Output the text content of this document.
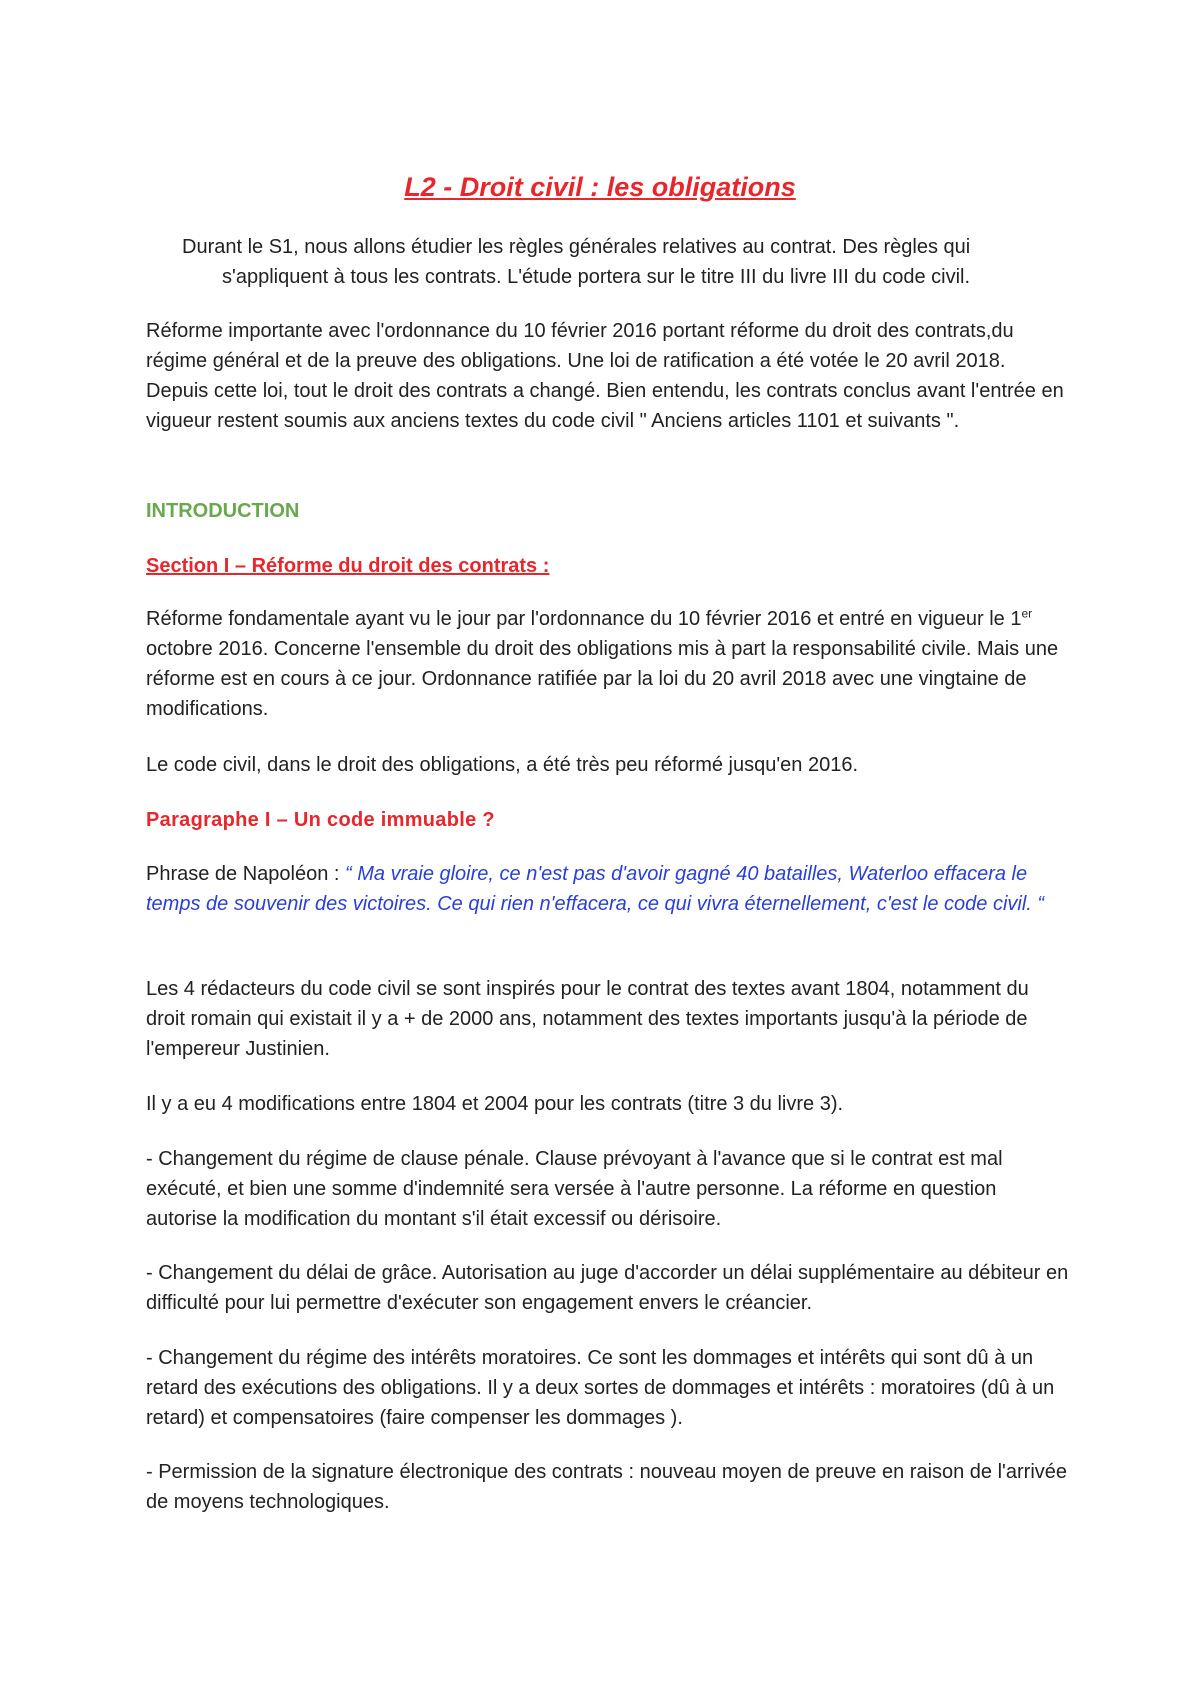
L2 - Droit civil : les obligations

Durant le S1, nous allons étudier les règles générales relatives au contrat. Des règles qui
s'appliquent à tous les contrats. L'étude portera sur le titre III du livre III du code civil.

Réforme importante avec l'ordonnance du 10 février 2016 portant réforme du droit des contrats,du régime général et de la preuve des obligations. Une loi de ratification a été votée le 20 avril 2018. Depuis cette loi, tout le droit des contrats a changé. Bien entendu, les contrats conclus avant l'entrée en vigueur restent soumis aux anciens textes du code civil " Anciens articles 1101 et suivants ".

INTRODUCTION
Section I – Réforme du droit des contrats :

Réforme fondamentale ayant vu le jour par l'ordonnance du 10 février 2016 et entré en vigueur le 1er octobre 2016. Concerne l'ensemble du droit des obligations mis à part la responsabilité civile. Mais une réforme est en cours à ce jour. Ordonnance ratifiée par la loi du 20 avril 2018 avec une vingtaine de modifications.

Le code civil, dans le droit des obligations, a été très peu réformé jusqu'en 2016.

Paragraphe I – Un code immuable ?

Phrase de Napoléon : “ Ma vraie gloire, ce n'est pas d'avoir gagné 40 batailles, Waterloo effacera le temps de souvenir des victoires. Ce qui rien n'effacera, ce qui vivra éternellement, c'est le code civil. “

Les 4 rédacteurs du code civil se sont inspirés pour le contrat des textes avant 1804, notamment du droit romain qui existait il y a + de 2000 ans, notamment des textes importants jusqu'à la période de l'empereur Justinien.

Il y a eu 4 modifications entre 1804 et 2004 pour les contrats (titre 3 du livre 3).

- Changement du régime de clause pénale. Clause prévoyant à l'avance que si le contrat est mal exécuté, et bien une somme d'indemnité sera versée à l'autre personne. La réforme en question autorise la modification du montant s'il était excessif ou dérisoire.

- Changement du délai de grâce. Autorisation au juge d'accorder un délai supplémentaire au débiteur en difficulté pour lui permettre d'exécuter son engagement envers le créancier.

- Changement du régime des intérêts moratoires. Ce sont les dommages et intérêts qui sont dû à un retard des exécutions des obligations. Il y a deux sortes de dommages et intérêts : moratoires (dû à un retard) et compensatoires (faire compenser les dommages ).

- Permission de la signature électronique des contrats : nouveau moyen de preuve en raison de l'arrivée de moyens technologiques.
